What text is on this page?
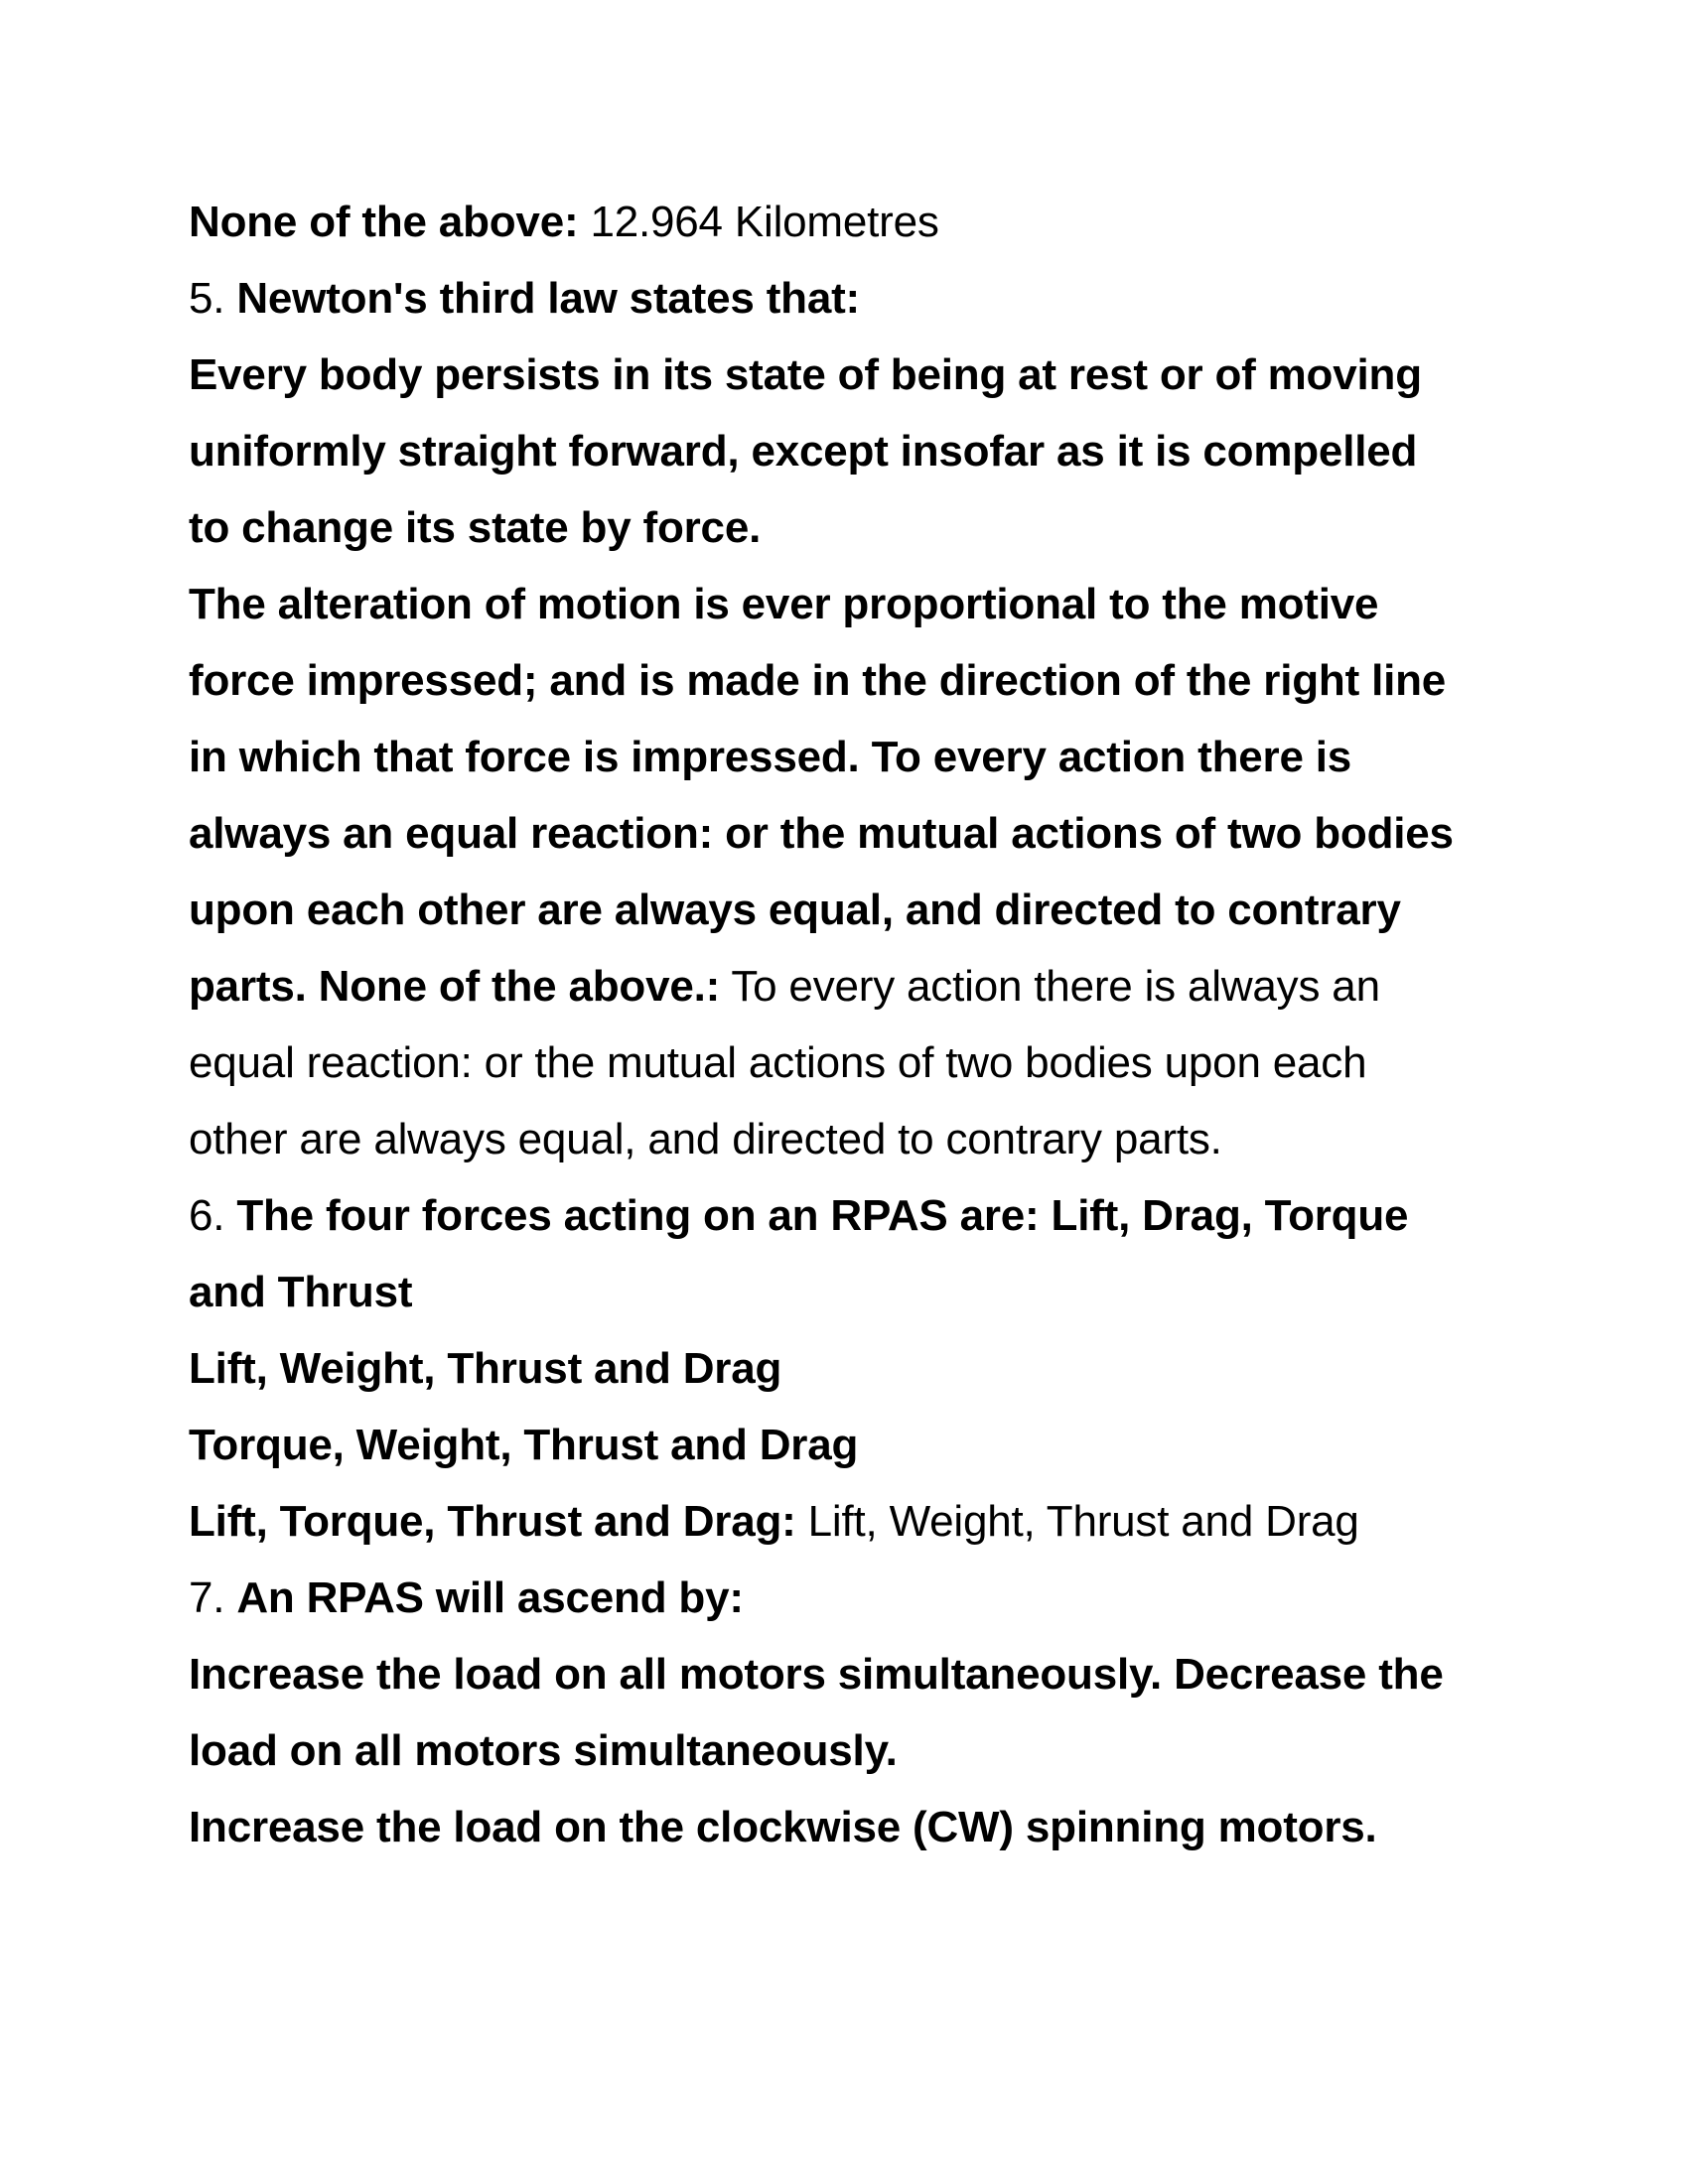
None of the above: 12.964 Kilometres
5. Newton's third law states that:
Every body persists in its state of being at rest or of moving
uniformly straight forward, except insofar as it is compelled
to change its state by force.
The alteration of motion is ever proportional to the motive
force impressed; and is made in the direction of the right line
in which that force is impressed. To every action there is
always an equal reaction: or the mutual actions of two bodies
upon each other are always equal, and directed to contrary
parts. None of the above.: To every action there is always an
equal reaction: or the mutual actions of two bodies upon each
other are always equal, and directed to contrary parts.
6. The four forces acting on an RPAS are: Lift, Drag, Torque
and Thrust
Lift, Weight, Thrust and Drag
Torque, Weight, Thrust and Drag
Lift, Torque, Thrust and Drag: Lift, Weight, Thrust and Drag
7. An RPAS will ascend by:
Increase the load on all motors simultaneously. Decrease the
load on all motors simultaneously.
Increase the load on the clockwise (CW) spinning motors.
